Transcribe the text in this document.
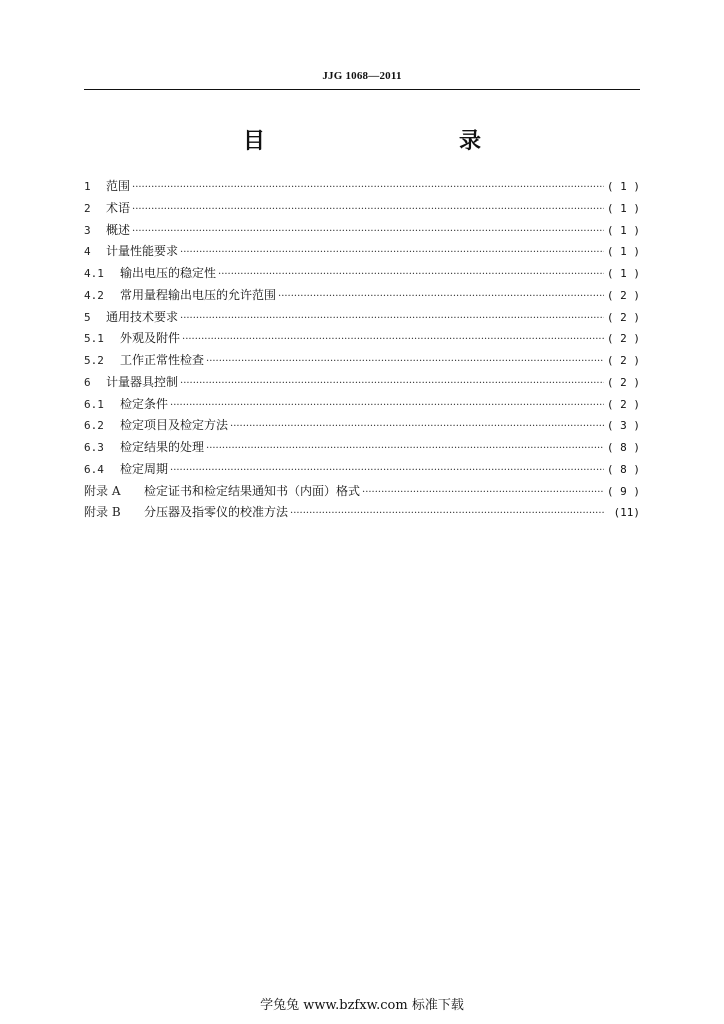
JJG 1068—2011
目　　录
1	范围 ·····	( 1 )
2	术语 ·····	( 1 )
3	概述 ·····	( 1 )
4	计量性能要求 ·····	( 1 )
4.1	输出电压的稳定性 ·····	( 1 )
4.2	常用量程输出电压的允许范围 ·····	( 2 )
5	通用技术要求 ·····	( 2 )
5.1	外观及附件 ·····	( 2 )
5.2	工作正常性检查 ·····	( 2 )
6	计量器具控制 ·····	( 2 )
6.1	检定条件 ·····	( 2 )
6.2	检定项目及检定方法 ·····	( 3 )
6.3	检定结果的处理 ·····	( 8 )
6.4	检定周期 ·····	( 8 )
附录 A	检定证书和检定结果通知书（内面）格式 ·····	( 9 )
附录 B	分压器及指零仪的校准方法 ·····	(11)
学兔兔 www.bzfxw.com 标准下载
